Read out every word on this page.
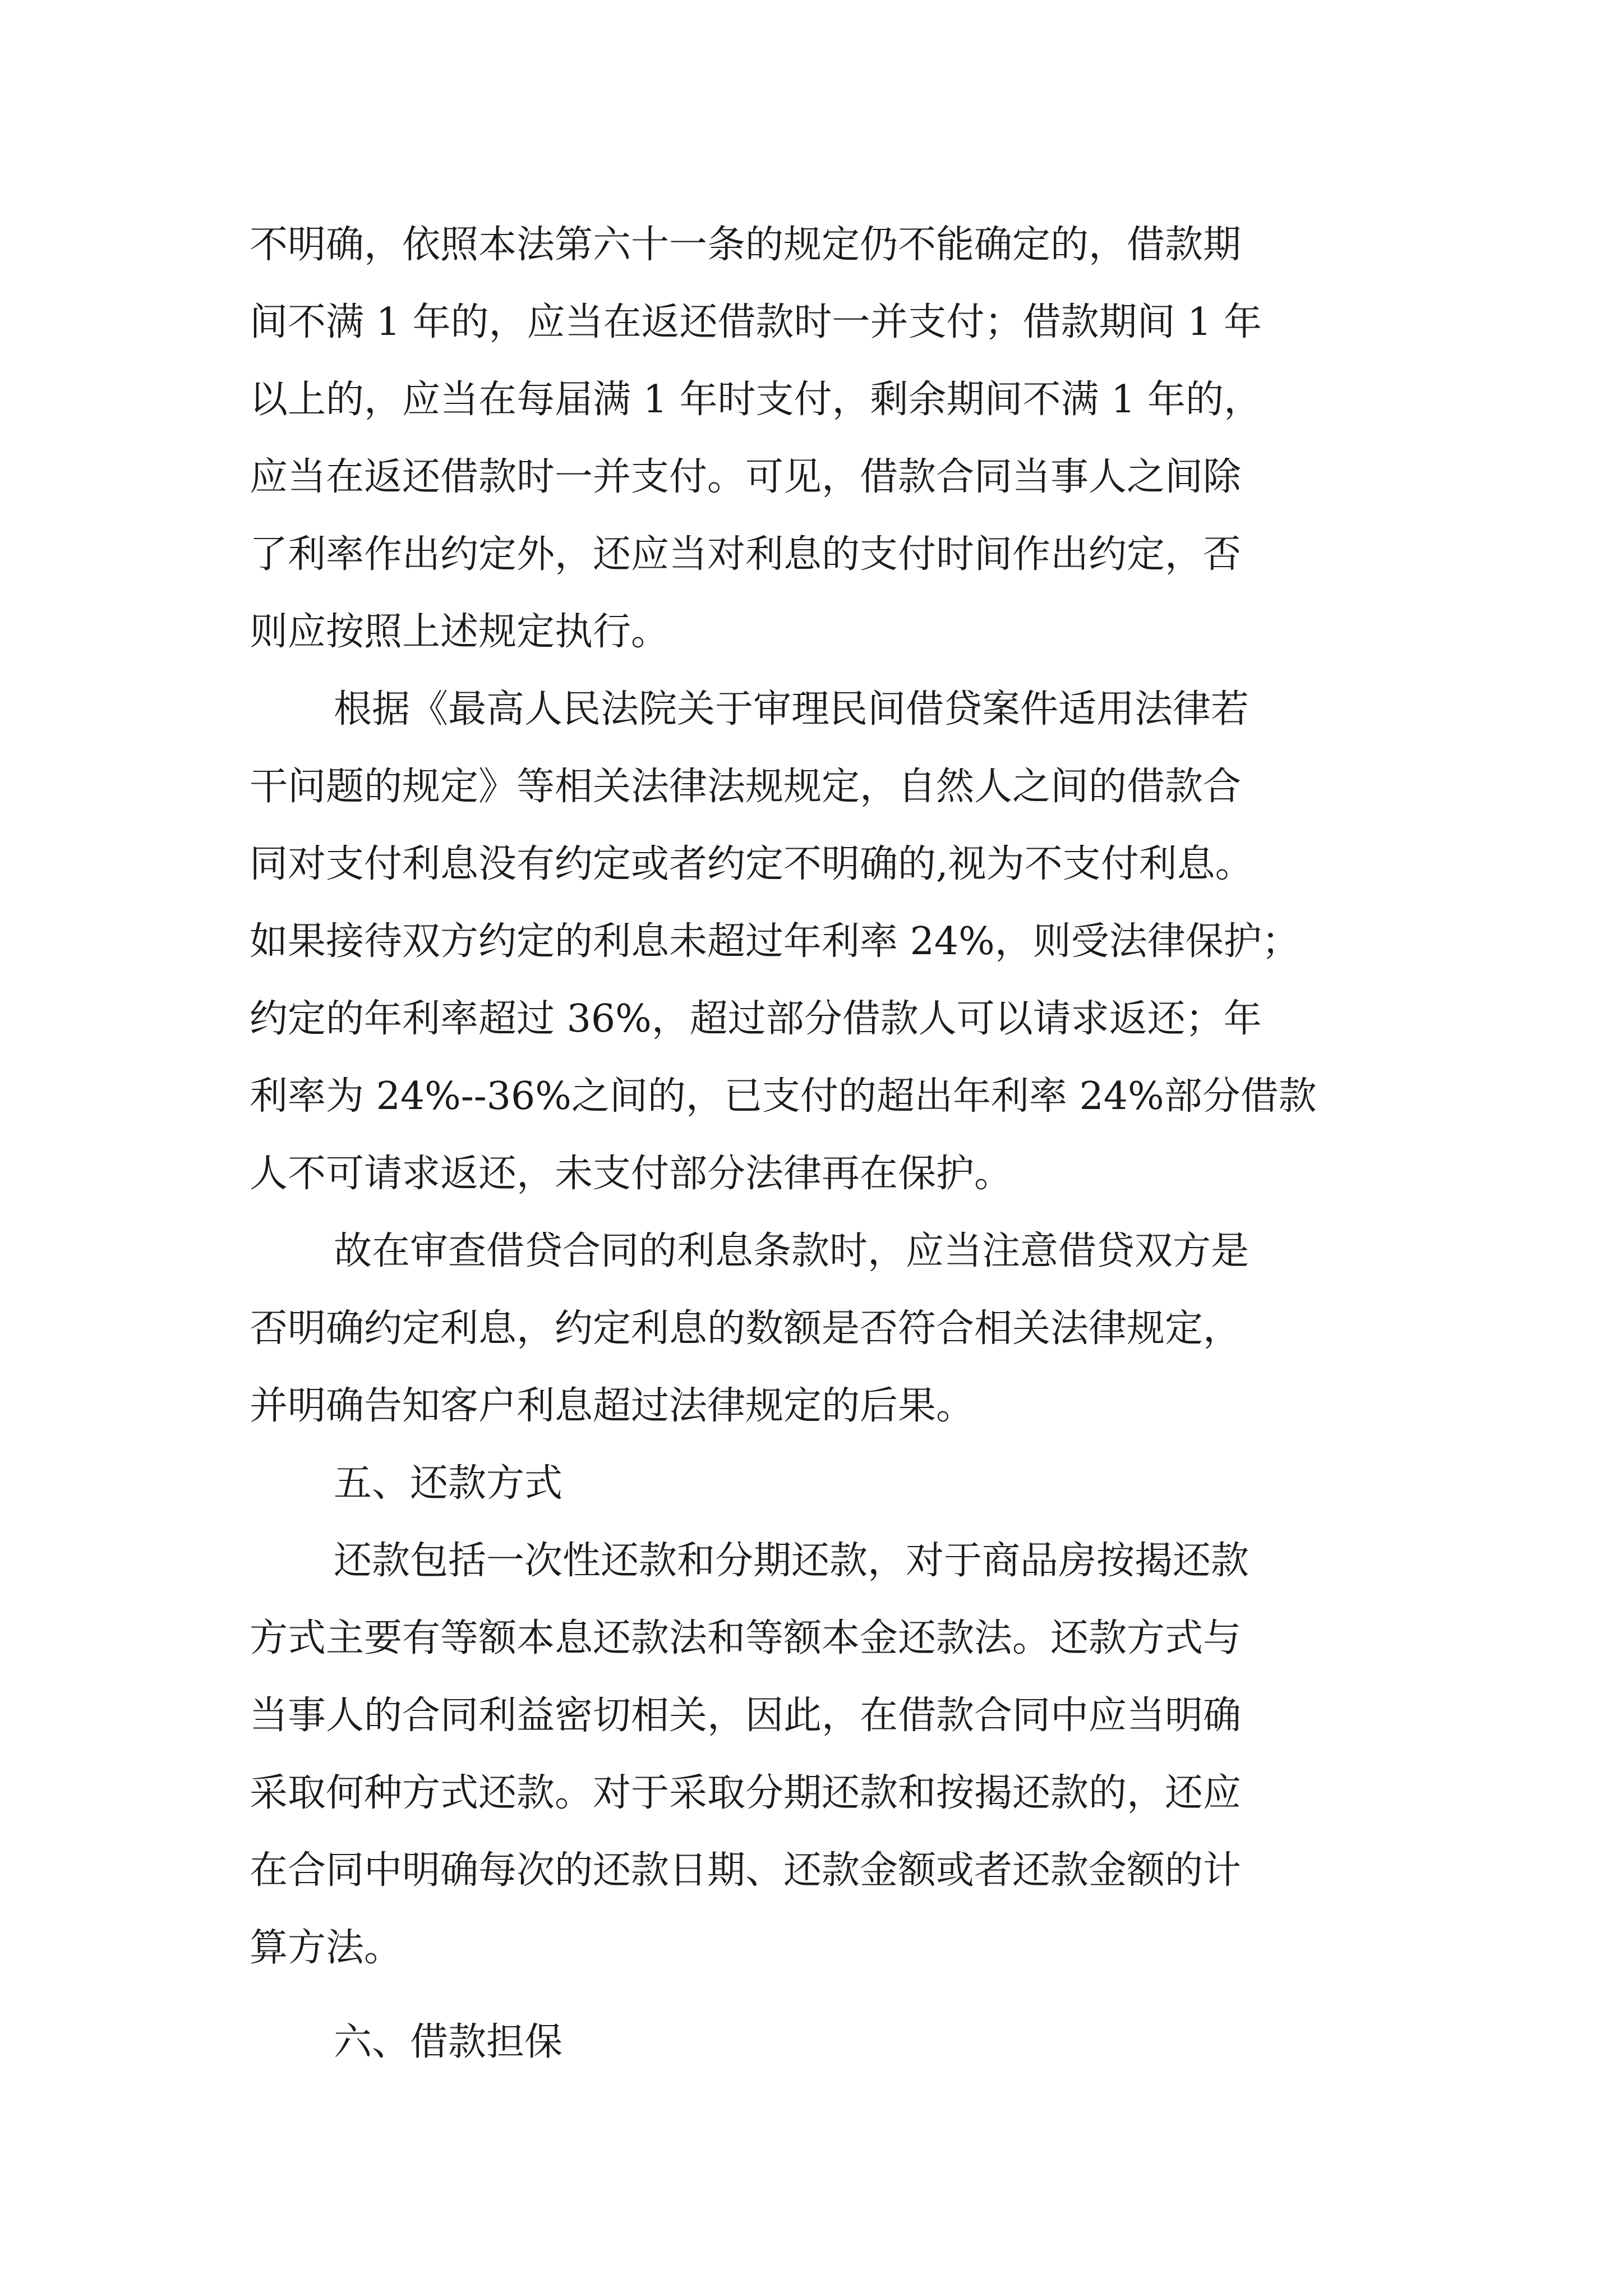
不明确，依照本法第六十一条的规定仍不能确定的，借款期
间不满 1 年的，应当在返还借款时一并支付；借款期间 1 年
以上的，应当在每届满 1 年时支付，剩余期间不满 1 年的，
应当在返还借款时一并支付。可见，借款合同当事人之间除
了利率作出约定外，还应当对利息的支付时间作出约定，否
则应按照上述规定执行。
根据《最高人民法院关于审理民间借贷案件适用法律若
干问题的规定》等相关法律法规规定，自然人之间的借款合
同对支付利息没有约定或者约定不明确的,视为不支付利息。
如果接待双方约定的利息未超过年利率 24%，则受法律保护；
约定的年利率超过 36%，超过部分借款人可以请求返还；年
利率为 24%--36%之间的，已支付的超出年利率 24%部分借款
人不可请求返还，未支付部分法律再在保护。
故在审查借贷合同的利息条款时，应当注意借贷双方是
否明确约定利息，约定利息的数额是否符合相关法律规定，
并明确告知客户利息超过法律规定的后果。
五、还款方式
还款包括一次性还款和分期还款，对于商品房按揭还款
方式主要有等额本息还款法和等额本金还款法。还款方式与
当事人的合同利益密切相关，因此，在借款合同中应当明确
采取何种方式还款。对于采取分期还款和按揭还款的，还应
在合同中明确每次的还款日期、还款金额或者还款金额的计
算方法。
六、借款担保
